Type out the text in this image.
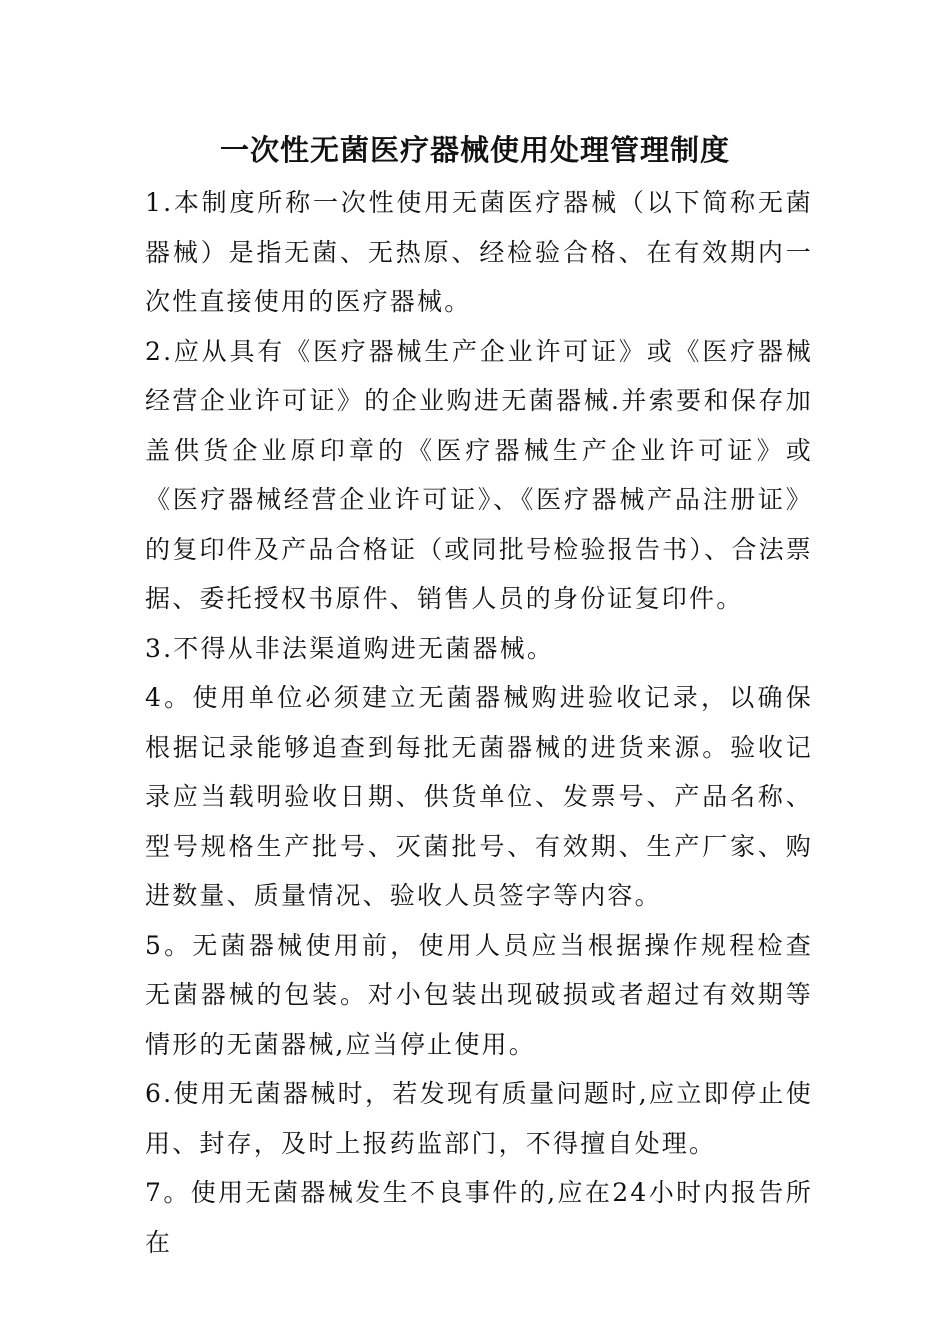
一次性无菌医疗器械使用处理管理制度

1.本制度所称一次性使用无菌医疗器械（以下简称无菌器械）是指无菌、无热原、经检验合格、在有效期内一次性直接使用的医疗器械。

2.应从具有《医疗器械生产企业许可证》或《医疗器械经营企业许可证》的企业购进无菌器械.并索要和保存加盖供货企业原印章的《医疗器械生产企业许可证》或《医疗器械经营企业许可证》、《医疗器械产品注册证》的复印件及产品合格证（或同批号检验报告书）、合法票据、委托授权书原件、销售人员的身份证复印件。

3.不得从非法渠道购进无菌器械。

4。使用单位必须建立无菌器械购进验收记录，以确保根据记录能够追查到每批无菌器械的进货来源。验收记录应当载明验收日期、供货单位、发票号、产品名称、型号规格生产批号、灭菌批号、有效期、生产厂家、购进数量、质量情况、验收人员签字等内容。

5。无菌器械使用前，使用人员应当根据操作规程检查无菌器械的包装。对小包装出现破损或者超过有效期等情形的无菌器械,应当停止使用。

6.使用无菌器械时，若发现有质量问题时,应立即停止使用、封存，及时上报药监部门，不得擅自处理。

7。使用无菌器械发生不良事件的,应在24小时内报告所在
